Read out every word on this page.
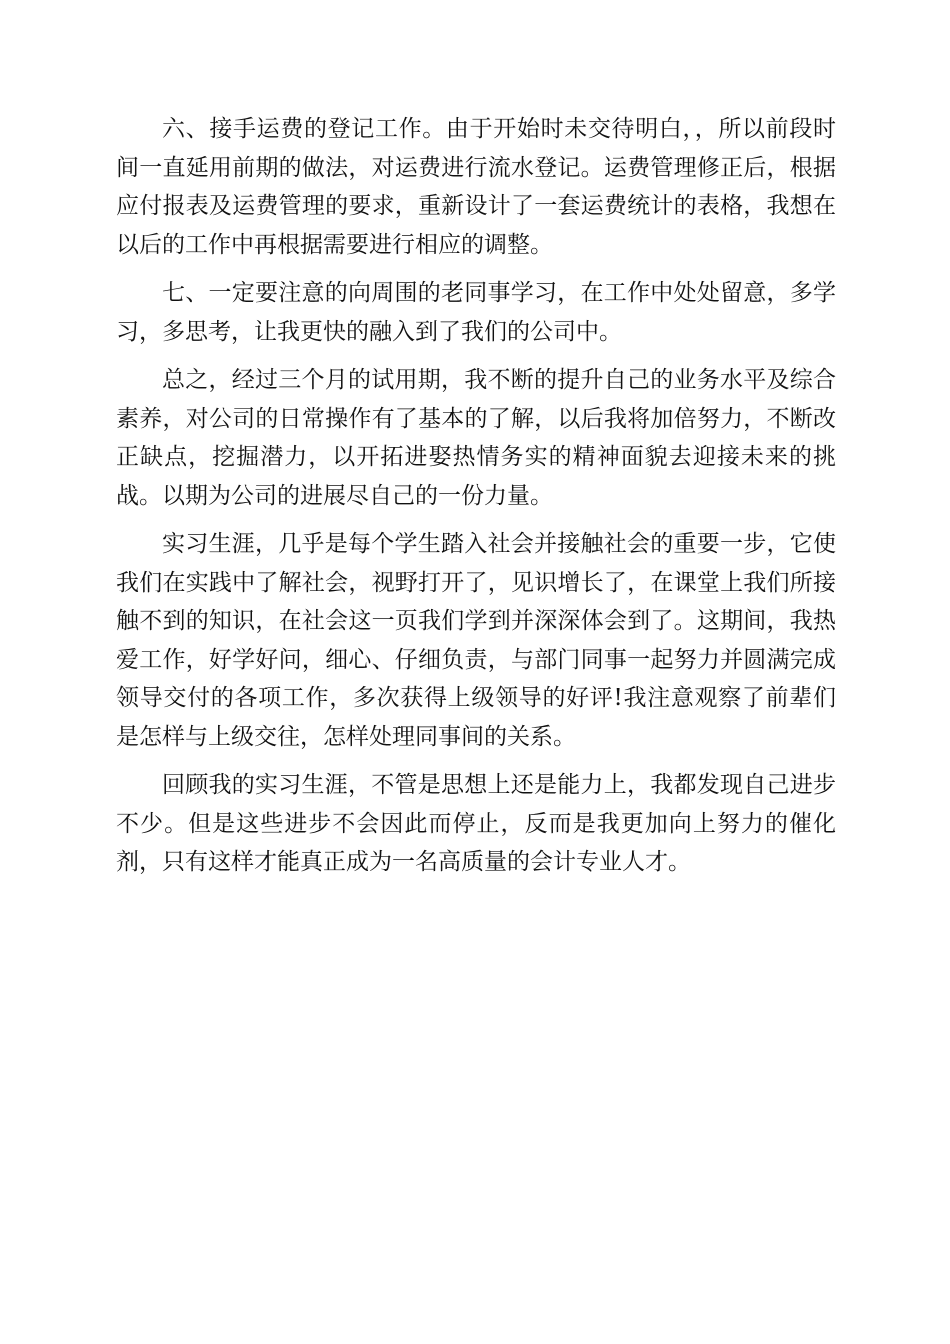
六、接手运费的登记工作。由于开始时未交待明白，，所以前段时间一直延用前期的做法，对运费进行流水登记。运费管理修正后，根据应付报表及运费管理的要求，重新设计了一套运费统计的表格，我想在以后的工作中再根据需要进行相应的调整。

七、一定要注意的向周围的老同事学习，在工作中处处留意，多学习，多思考，让我更快的融入到了我们的公司中。

总之，经过三个月的试用期，我不断的提升自己的业务水平及综合素养，对公司的日常操作有了基本的了解，以后我将加倍努力，不断改正缺点，挖掘潜力，以开拓进娶热情务实的精神面貌去迎接未来的挑战。以期为公司的进展尽自己的一份力量。

实习生涯，几乎是每个学生踏入社会并接触社会的重要一步，它使我们在实践中了解社会，视野打开了，见识增长了，在课堂上我们所接触不到的知识，在社会这一页我们学到并深深体会到了。这期间，我热爱工作，好学好问，细心、仔细负责，与部门同事一起努力并圆满完成领导交付的各项工作，多次获得上级领导的好评!我注意观察了前辈们是怎样与上级交往，怎样处理同事间的关系。

回顾我的实习生涯，不管是思想上还是能力上，我都发现自己进步不少。但是这些进步不会因此而停止，反而是我更加向上努力的催化剂，只有这样才能真正成为一名高质量的会计专业人才。
